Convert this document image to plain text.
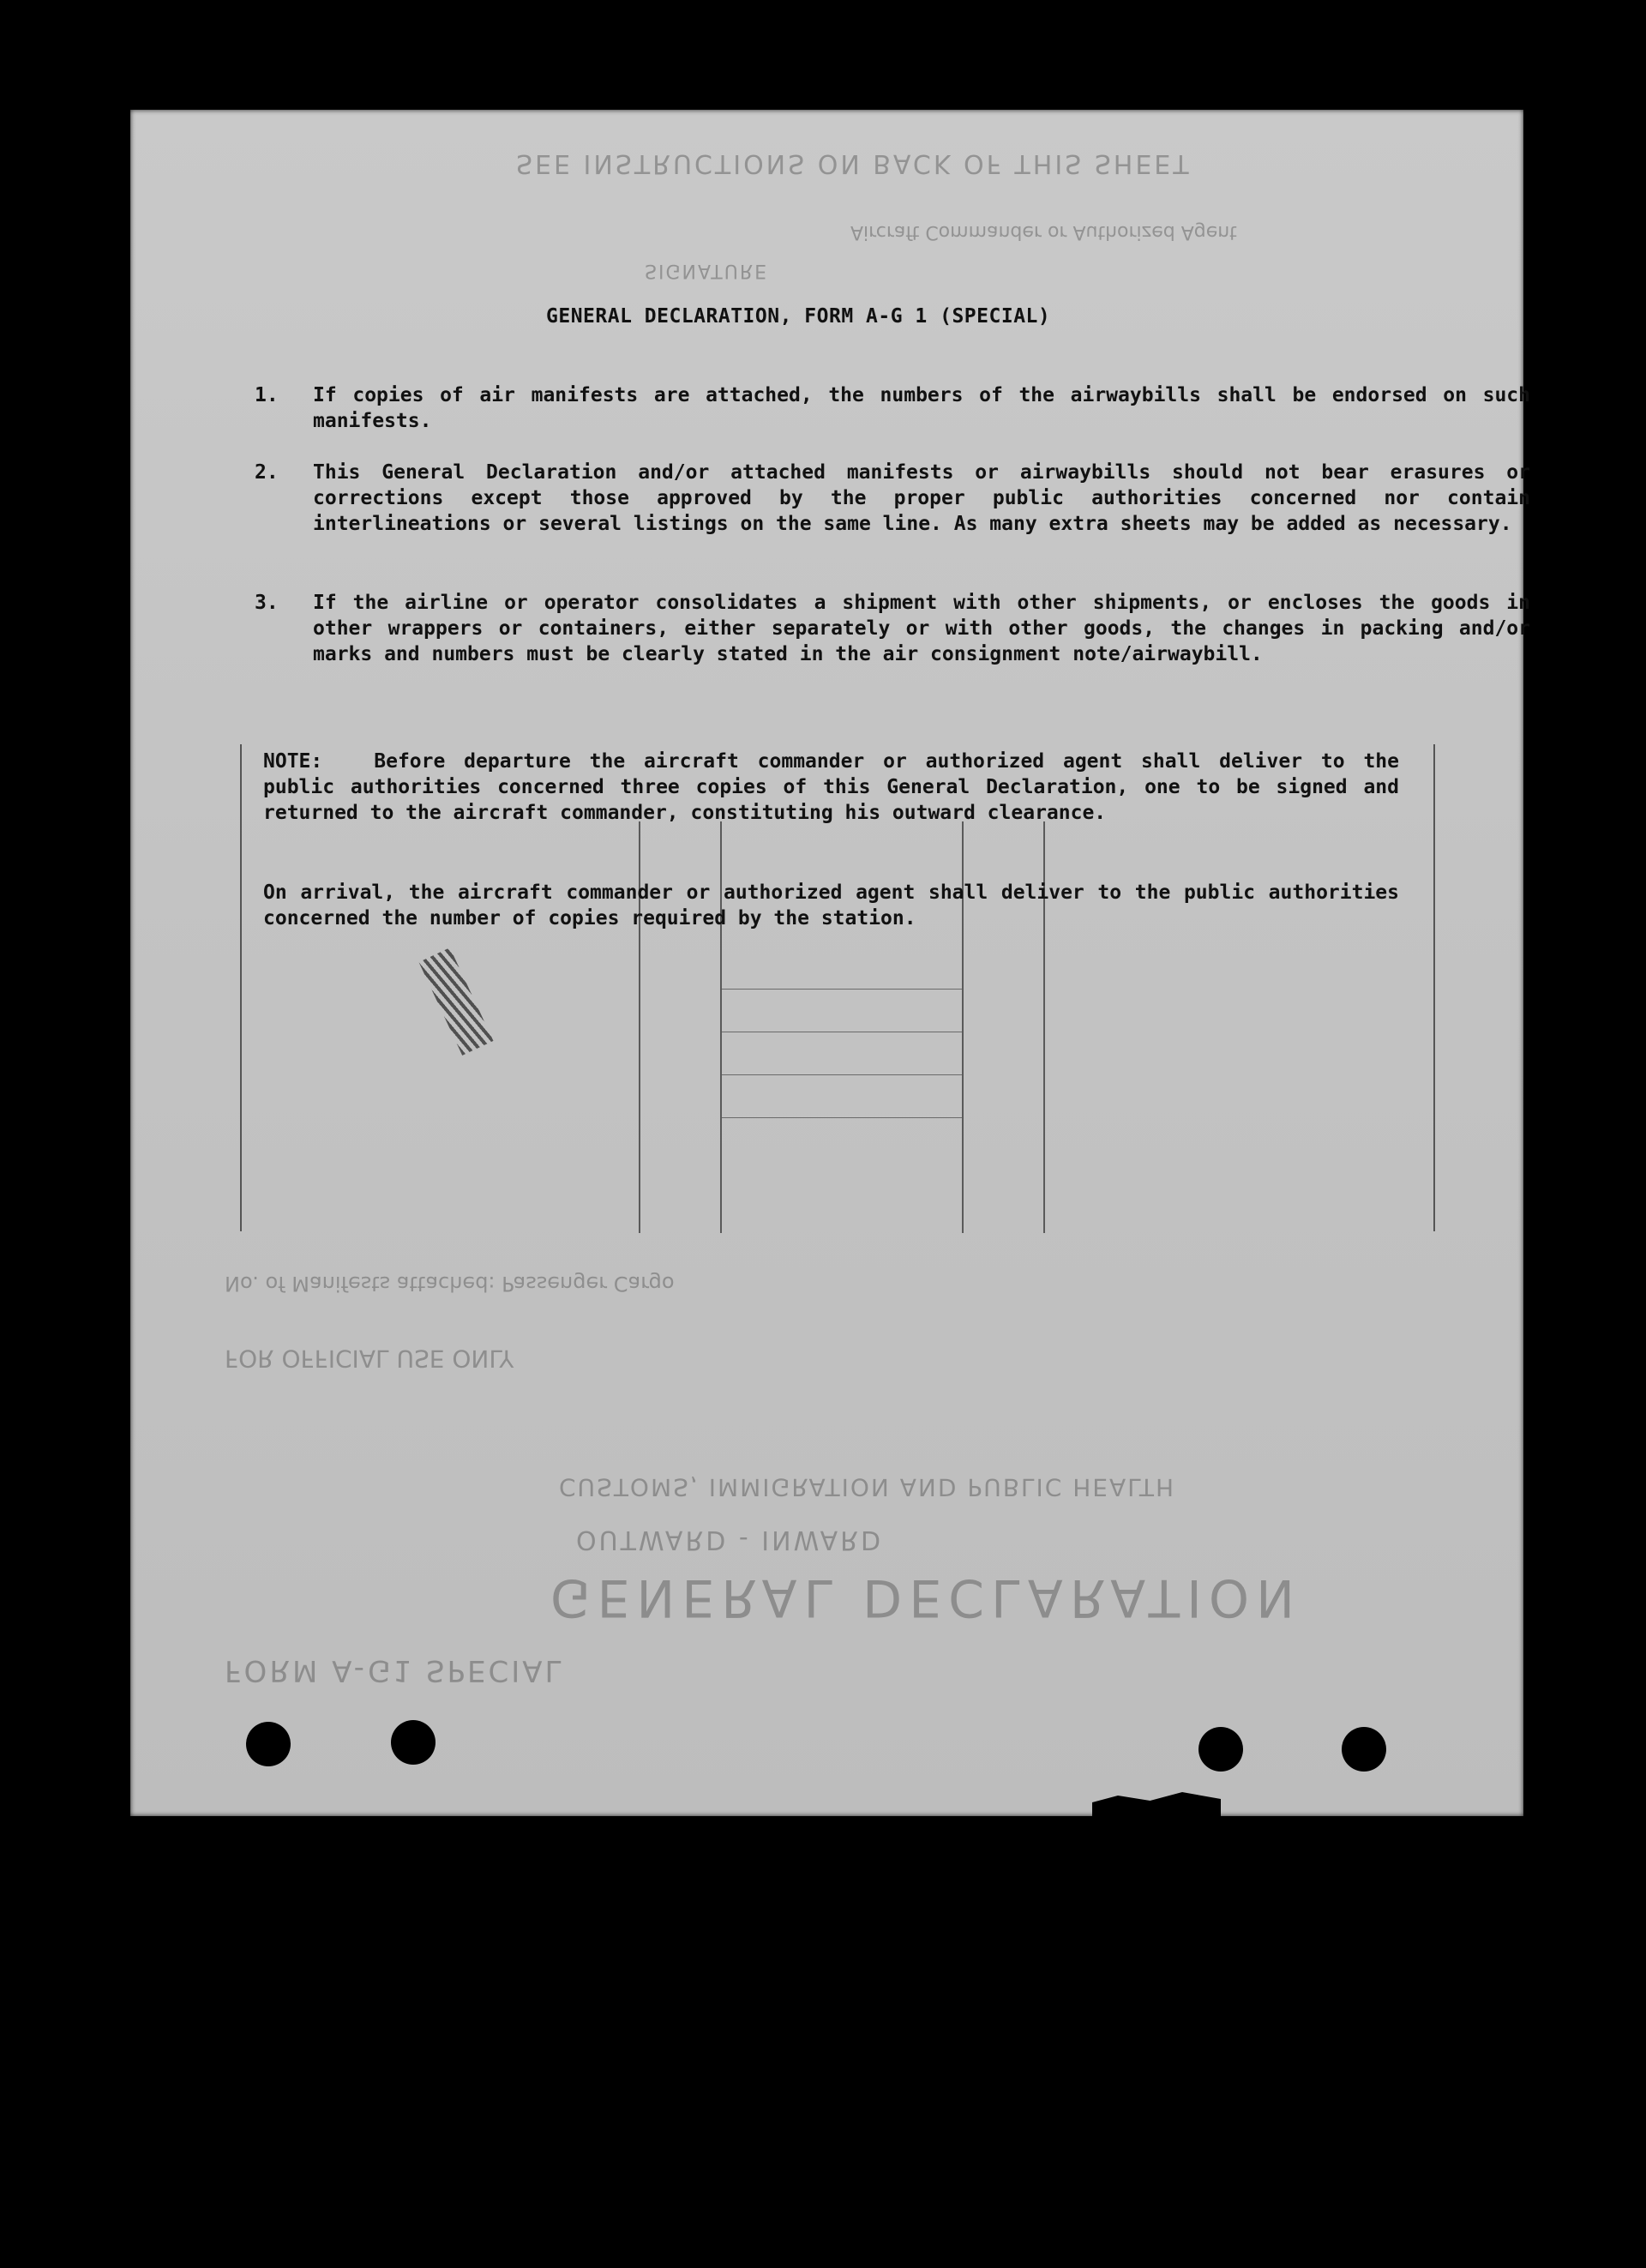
SEE INSTRUCTIONS ON BACK OF THIS SHEET
Aircraft Commander or Authorized Agent
SIGNATURE
FOR OFFICIAL USE ONLY
CUSTOMS, IMMIGRATION AND PUBLIC HEALTH
OUTWARD - INWARD
GENERAL DECLARATION
FORM A-G1 SPECIAL
No. of Manifests attached: Passenger Cargo
GENERAL DECLARATION, FORM A-G 1 (SPECIAL)
1.	If copies of air manifests are attached, the numbers of the airwaybills shall be endorsed on such manifests.
2.	This General Declaration and/or attached manifests or airwaybills should not bear erasures or corrections except those approved by the proper public authorities concerned nor contain interlineations or several listings on the same line. As many extra sheets may be added as necessary.
3.	If the airline or operator consolidates a shipment with other shipments, or encloses the goods in other wrappers or containers, either separately or with other goods, the changes in packing and/or marks and numbers must be clearly stated in the air consignment note/airwaybill.
NOTE:	Before departure the aircraft commander or authorized agent shall deliver to the public authorities concerned three copies of this General Declaration, one to be signed and returned to the aircraft commander, constituting his outward clearance.
On arrival, the aircraft commander or authorized agent shall deliver to the public authorities concerned the number of copies required by the station.
